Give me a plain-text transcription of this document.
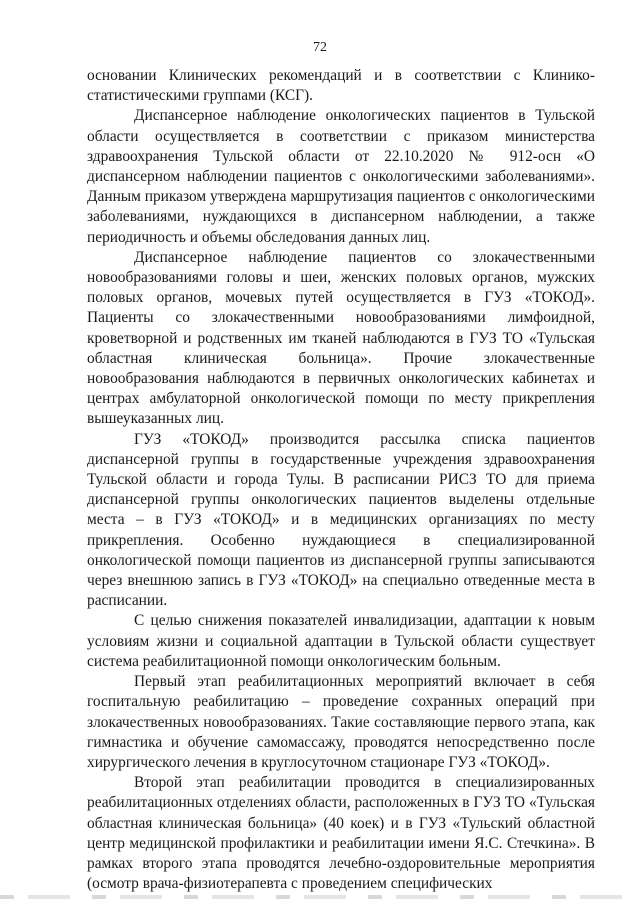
72

основании Клинических рекомендаций и в соответствии с Клинико-статистическими группами (КСГ).

Диспансерное наблюдение онкологических пациентов в Тульской области осуществляется в соответствии с приказом министерства здравоохранения Тульской области от 22.10.2020 № 912-осн «О диспансерном наблюдении пациентов с онкологическими заболеваниями». Данным приказом утверждена маршрутизация пациентов с онкологическими заболеваниями, нуждающихся в диспансерном наблюдении, а также периодичность и объемы обследования данных лиц.

Диспансерное наблюдение пациентов со злокачественными новообразованиями головы и шеи, женских половых органов, мужских половых органов, мочевых путей осуществляется в ГУЗ «ТОКОД». Пациенты со злокачественными новообразованиями лимфоидной, кроветворной и родственных им тканей наблюдаются в ГУЗ ТО «Тульская областная клиническая больница». Прочие злокачественные новообразования наблюдаются в первичных онкологических кабинетах и центрах амбулаторной онкологической помощи по месту прикрепления вышеуказанных лиц.

ГУЗ «ТОКОД» производится рассылка списка пациентов диспансерной группы в государственные учреждения здравоохранения Тульской области и города Тулы. В расписании РИСЗ ТО для приема диспансерной группы онкологических пациентов выделены отдельные места – в ГУЗ «ТОКОД» и в медицинских организациях по месту прикрепления. Особенно нуждающиеся в специализированной онкологической помощи пациентов из диспансерной группы записываются через внешнюю запись в ГУЗ «ТОКОД» на специально отведенные места в расписании.

С целью снижения показателей инвалидизации, адаптации к новым условиям жизни и социальной адаптации в Тульской области существует система реабилитационной помощи онкологическим больным.

Первый этап реабилитационных мероприятий включает в себя госпитальную реабилитацию – проведение сохранных операций при злокачественных новообразованиях. Такие составляющие первого этапа, как гимнастика и обучение самомассажу, проводятся непосредственно после хирургического лечения в круглосуточном стационаре ГУЗ «ТОКОД».

Второй этап реабилитации проводится в специализированных реабилитационных отделениях области, расположенных в ГУЗ ТО «Тульская областная клиническая больница» (40 коек) и в ГУЗ «Тульский областной центр медицинской профилактики и реабилитации имени Я.С. Стечкина». В рамках второго этапа проводятся лечебно-оздоровительные мероприятия (осмотр врача-физиотерапевта с проведением специфических
